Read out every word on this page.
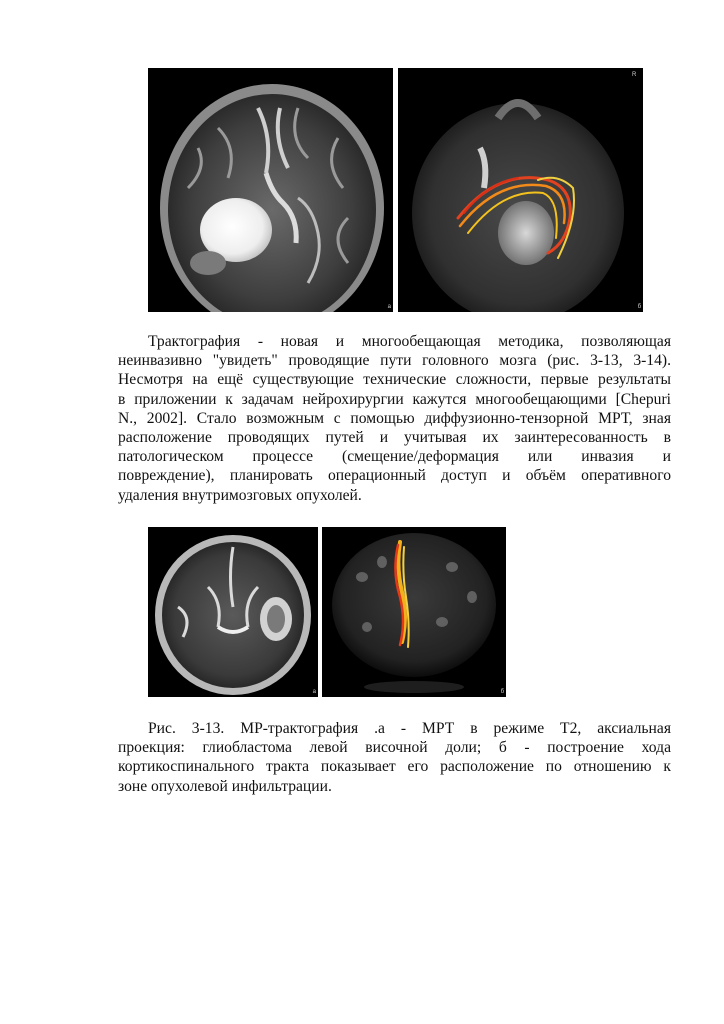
а
R
б
Трактография - новая и многообещающая методика, позволяющая
неинвазивно "увидеть" проводящие пути головного мозга (рис. 3-13, 3-14).
Несмотря на ещё существующие технические сложности, первые результаты
в приложении к задачам нейрохирургии кажутся многообещающими [Chepuri
N., 2002]. Стало возможным с помощью диффузионно-тензорной МРТ, зная
расположение проводящих путей и учитывая их заинтересованность в
патологическом процессе (смещение/деформация или инвазия и
повреждение), планировать операционный доступ и объём оперативного
удаления внутримозговых опухолей.
а	б
Рис. 3-13. МР-трактография .а - МРТ в режиме Т2, аксиальная
проекция: глиобластома левой височной доли; б - построение хода
кортикоспинального тракта показывает его расположение по отношению к
зоне опухолевой инфильтрации.
